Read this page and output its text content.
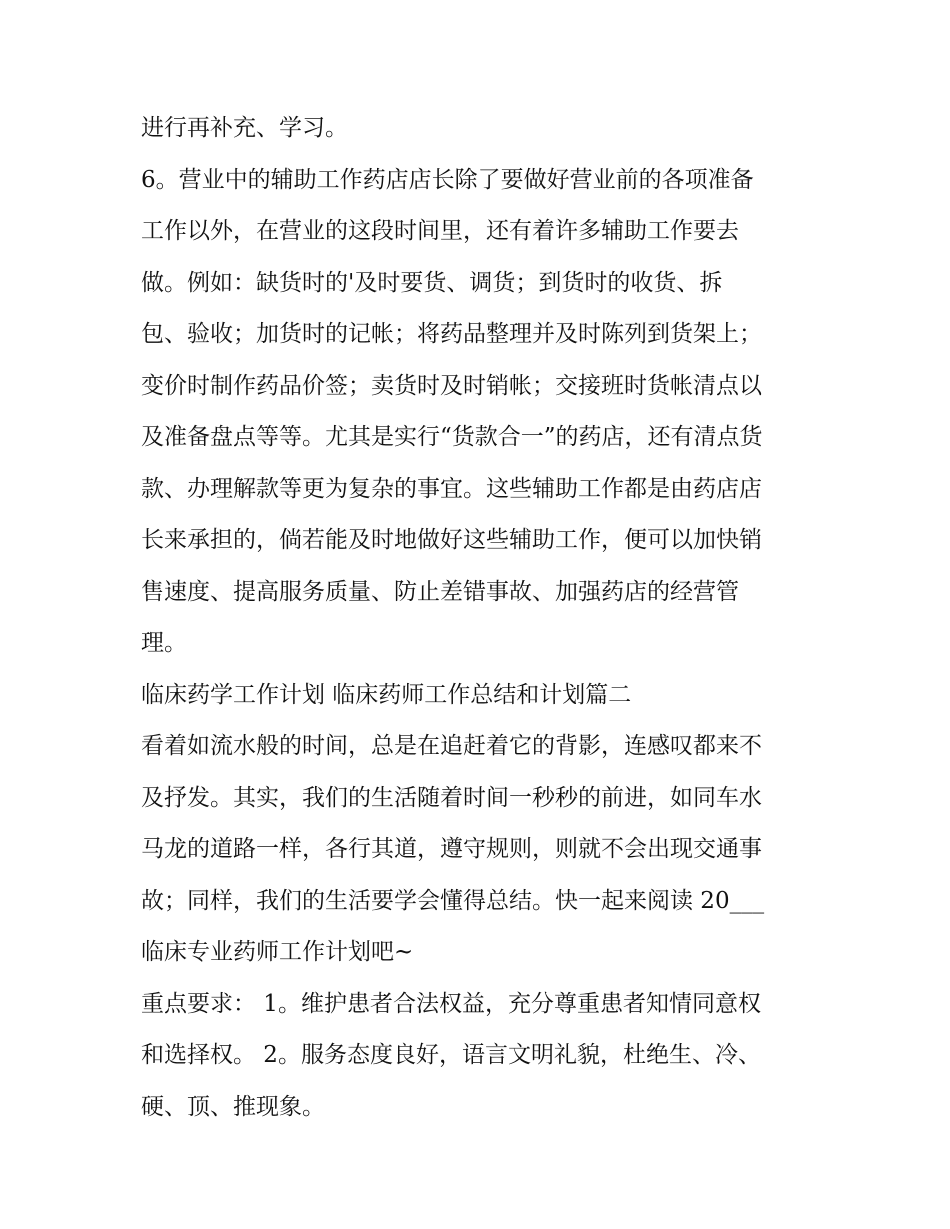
进行再补充、学习。
6。营业中的辅助工作药店店长除了要做好营业前的各项准备
工作以外，在营业的这段时间里，还有着许多辅助工作要去
做。例如：缺货时的'及时要货、调货；到货时的收货、拆
包、验收；加货时的记帐；将药品整理并及时陈列到货架上；
变价时制作药品价签；卖货时及时销帐；交接班时货帐清点以
及准备盘点等等。尤其是实行“货款合一”的药店，还有清点货
款、办理解款等更为复杂的事宜。这些辅助工作都是由药店店
长来承担的，倘若能及时地做好这些辅助工作，便可以加快销
售速度、提高服务质量、防止差错事故、加强药店的经营管
理。
临床药学工作计划 临床药师工作总结和计划篇二
看着如流水般的时间，总是在追赶着它的背影，连感叹都来不
及抒发。其实，我们的生活随着时间一秒秒的前进，如同车水
马龙的道路一样，各行其道，遵守规则，则就不会出现交通事
故；同样，我们的生活要学会懂得总结。快一起来阅读 20___
临床专业药师工作计划吧~
重点要求： 1。维护患者合法权益，充分尊重患者知情同意权
和选择权。 2。服务态度良好，语言文明礼貌，杜绝生、冷、
硬、顶、推现象。
